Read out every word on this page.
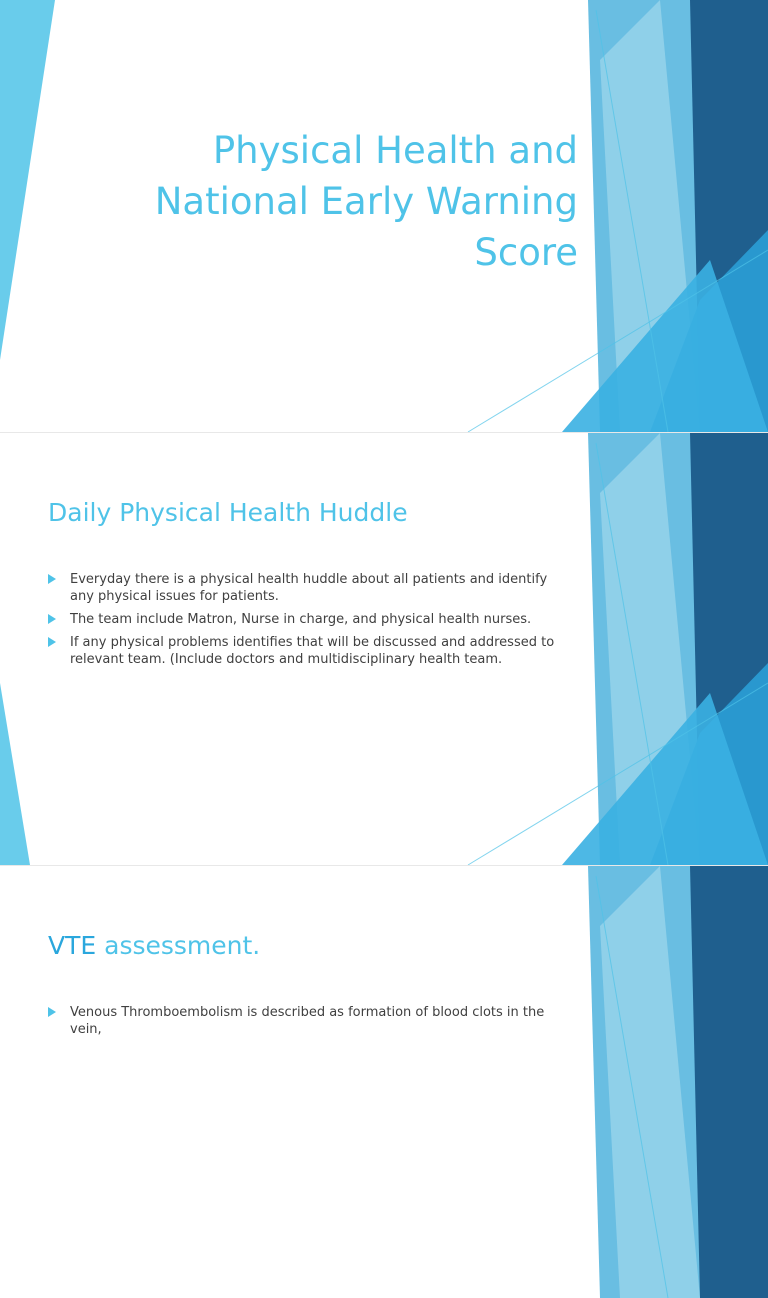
Physical Health and
National Early Warning
Score
Daily Physical Health Huddle
Everyday there is a physical health huddle about all patients and identify any physical issues for patients.
The team include Matron, Nurse in charge, and physical health nurses.
If any physical problems identifies that will be discussed and addressed to relevant team. (Include doctors and multidisciplinary health team.
VTE assessment.
Venous Thromboembolism is described as formation of blood clots in the vein,
